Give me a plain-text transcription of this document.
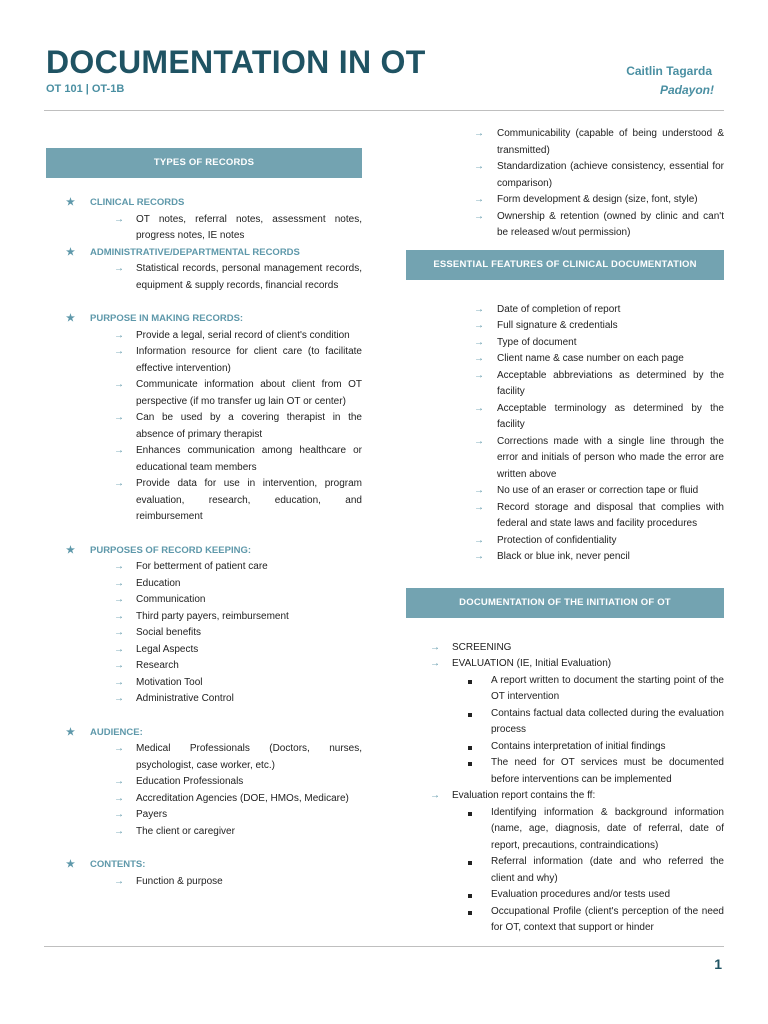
DOCUMENTATION IN OT
OT 101 | OT-1B
Caitlin Tagarda
Padayon!
TYPES OF RECORDS
★ CLINICAL RECORDS
→ OT notes, referral notes, assessment notes, progress notes, IE notes
★ ADMINISTRATIVE/DEPARTMENTAL RECORDS
→ Statistical records, personal management records, equipment & supply records, financial records
★ PURPOSE IN MAKING RECORDS:
→ Provide a legal, serial record of client's condition
→ Information resource for client care (to facilitate effective intervention)
→ Communicate information about client from OT perspective (if mo transfer ug lain OT or center)
→ Can be used by a covering therapist in the absence of primary therapist
→ Enhances communication among healthcare or educational team members
→ Provide data for use in intervention, program evaluation, research, education, and reimbursement
★ PURPOSES OF RECORD KEEPING:
→ For betterment of patient care
→ Education
→ Communication
→ Third party payers, reimbursement
→ Social benefits
→ Legal Aspects
→ Research
→ Motivation Tool
→ Administrative Control
★ AUDIENCE:
→ Medical Professionals (Doctors, nurses, psychologist, case worker, etc.)
→ Education Professionals
→ Accreditation Agencies (DOE, HMOs, Medicare)
→ Payers
→ The client or caregiver
★ CONTENTS:
→ Function & purpose
→ Communicability (capable of being understood & transmitted)
→ Standardization (achieve consistency, essential for comparison)
→ Form development & design (size, font, style)
→ Ownership & retention (owned by clinic and can't be released w/out permission)
ESSENTIAL FEATURES OF CLINICAL DOCUMENTATION
→ Date of completion of report
→ Full signature & credentials
→ Type of document
→ Client name & case number on each page
→ Acceptable abbreviations as determined by the facility
→ Acceptable terminology as determined by the facility
→ Corrections made with a single line through the error and initials of person who made the error are written above
→ No use of an eraser or correction tape or fluid
→ Record storage and disposal that complies with federal and state laws and facility procedures
→ Protection of confidentiality
→ Black or blue ink, never pencil
DOCUMENTATION OF THE INITIATION OF OT
→ SCREENING
→ EVALUATION (IE, Initial Evaluation)
A report written to document the starting point of the OT intervention
Contains factual data collected during the evaluation process
Contains interpretation of initial findings
The need for OT services must be documented before interventions can be implemented
→ Evaluation report contains the ff:
Identifying information & background information (name, age, diagnosis, date of referral, date of report, precautions, contraindications)
Referral information (date and who referred the client and why)
Evaluation procedures and/or tests used
Occupational Profile (client's perception of the need for OT, context that support or hinder
1
